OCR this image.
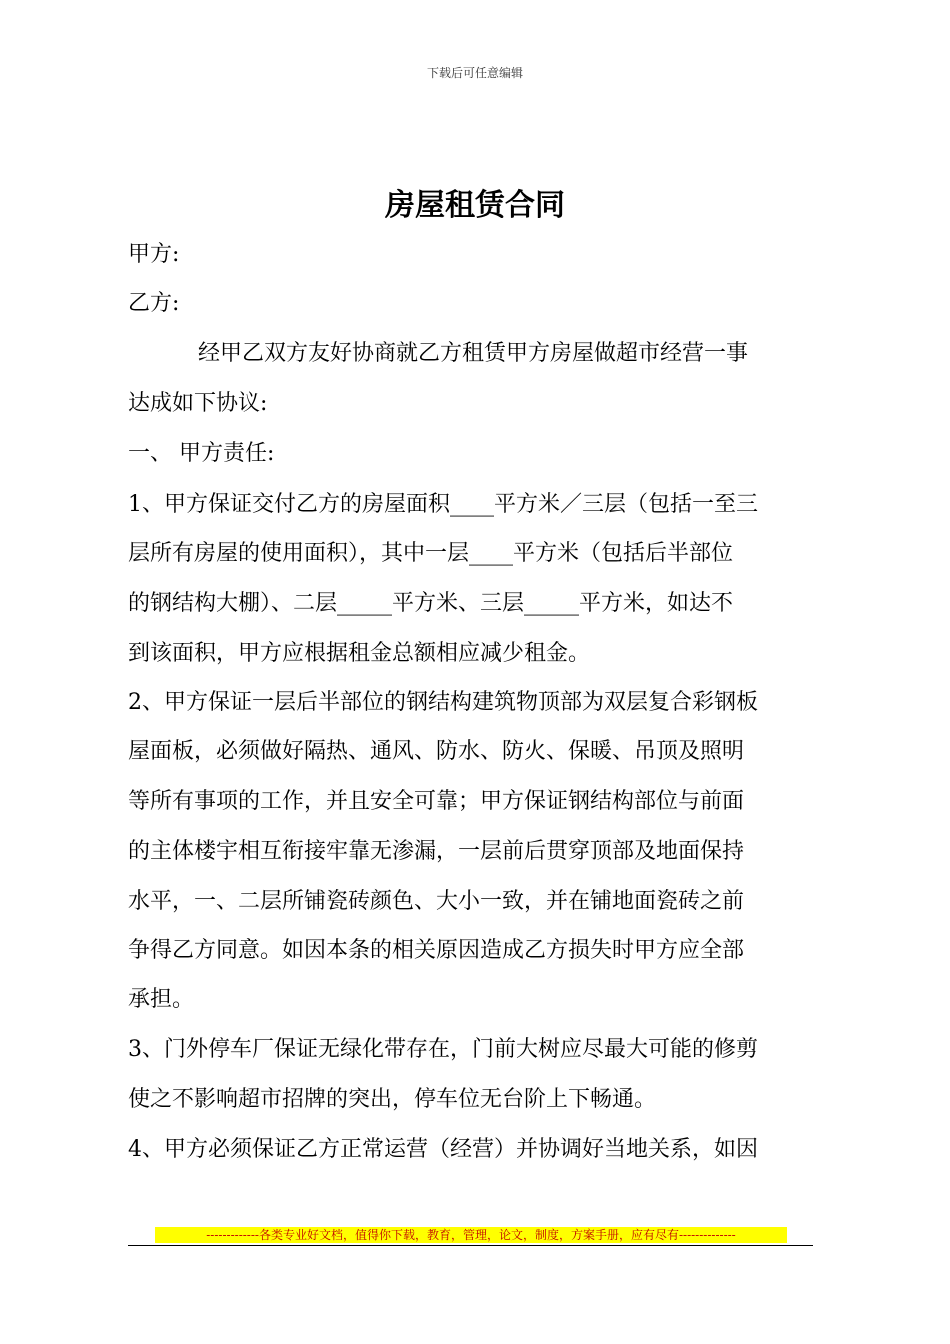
下载后可任意编辑
房屋租赁合同
甲方:
乙方:
经甲乙双方友好协商就乙方租赁甲方房屋做超市经营一事
达成如下协议:
一、 甲方责任:
1、甲方保证交付乙方的房屋面积____平方米／三层（包括一至三
层所有房屋的使用面积），其中一层____平方米（包括后半部位
的钢结构大棚）、二层_____平方米、三层_____平方米，如达不
到该面积，甲方应根据租金总额相应减少租金。
2、甲方保证一层后半部位的钢结构建筑物顶部为双层复合彩钢板
屋面板，必须做好隔热、通风、防水、防火、保暖、吊顶及照明
等所有事项的工作，并且安全可靠；甲方保证钢结构部位与前面
的主体楼宇相互衔接牢靠无渗漏，一层前后贯穿顶部及地面保持
水平，一、二层所铺瓷砖颜色、大小一致，并在铺地面瓷砖之前
争得乙方同意。如因本条的相关原因造成乙方损失时甲方应全部
承担。
3、门外停车厂保证无绿化带存在，门前大树应尽最大可能的修剪
使之不影响超市招牌的突出，停车位无台阶上下畅通。
4、甲方必须保证乙方正常运营（经营）并协调好当地关系，如因
-------------各类专业好文档，值得你下载，教育，管理，论文，制度，方案手册，应有尽有--------------
